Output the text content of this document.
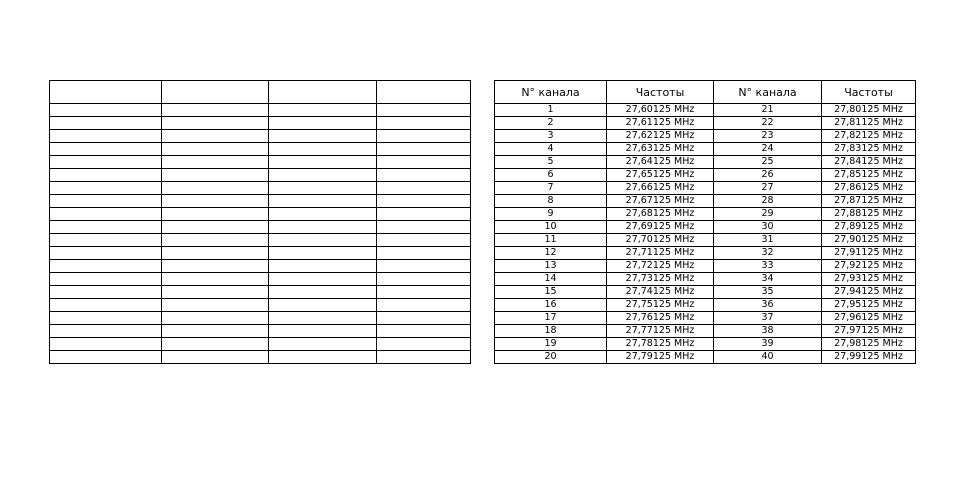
N° канала	Частоты	N° канала	Частоты
1	27,60125 MHz	21	27,80125 MHz
2	27,61125 MHz	22	27,81125 MHz
3	27,62125 MHz	23	27,82125 MHz
4	27,63125 MHz	24	27,83125 MHz
5	27,64125 MHz	25	27,84125 MHz
6	27,65125 MHz	26	27,85125 MHz
7	27,66125 MHz	27	27,86125 MHz
8	27,67125 MHz	28	27,87125 MHz
9	27,68125 MHz	29	27,88125 MHz
10	27,69125 MHz	30	27,89125 MHz
11	27,70125 MHz	31	27,90125 MHz
12	27,71125 MHz	32	27,91125 MHz
13	27,72125 MHz	33	27,92125 MHz
14	27,73125 MHz	34	27,93125 MHz
15	27,74125 MHz	35	27,94125 MHz
16	27,75125 MHz	36	27,95125 MHz
17	27,76125 MHz	37	27,96125 MHz
18	27,77125 MHz	38	27,97125 MHz
19	27,78125 MHz	39	27,98125 MHz
20	27,79125 MHz	40	27,99125 MHz
